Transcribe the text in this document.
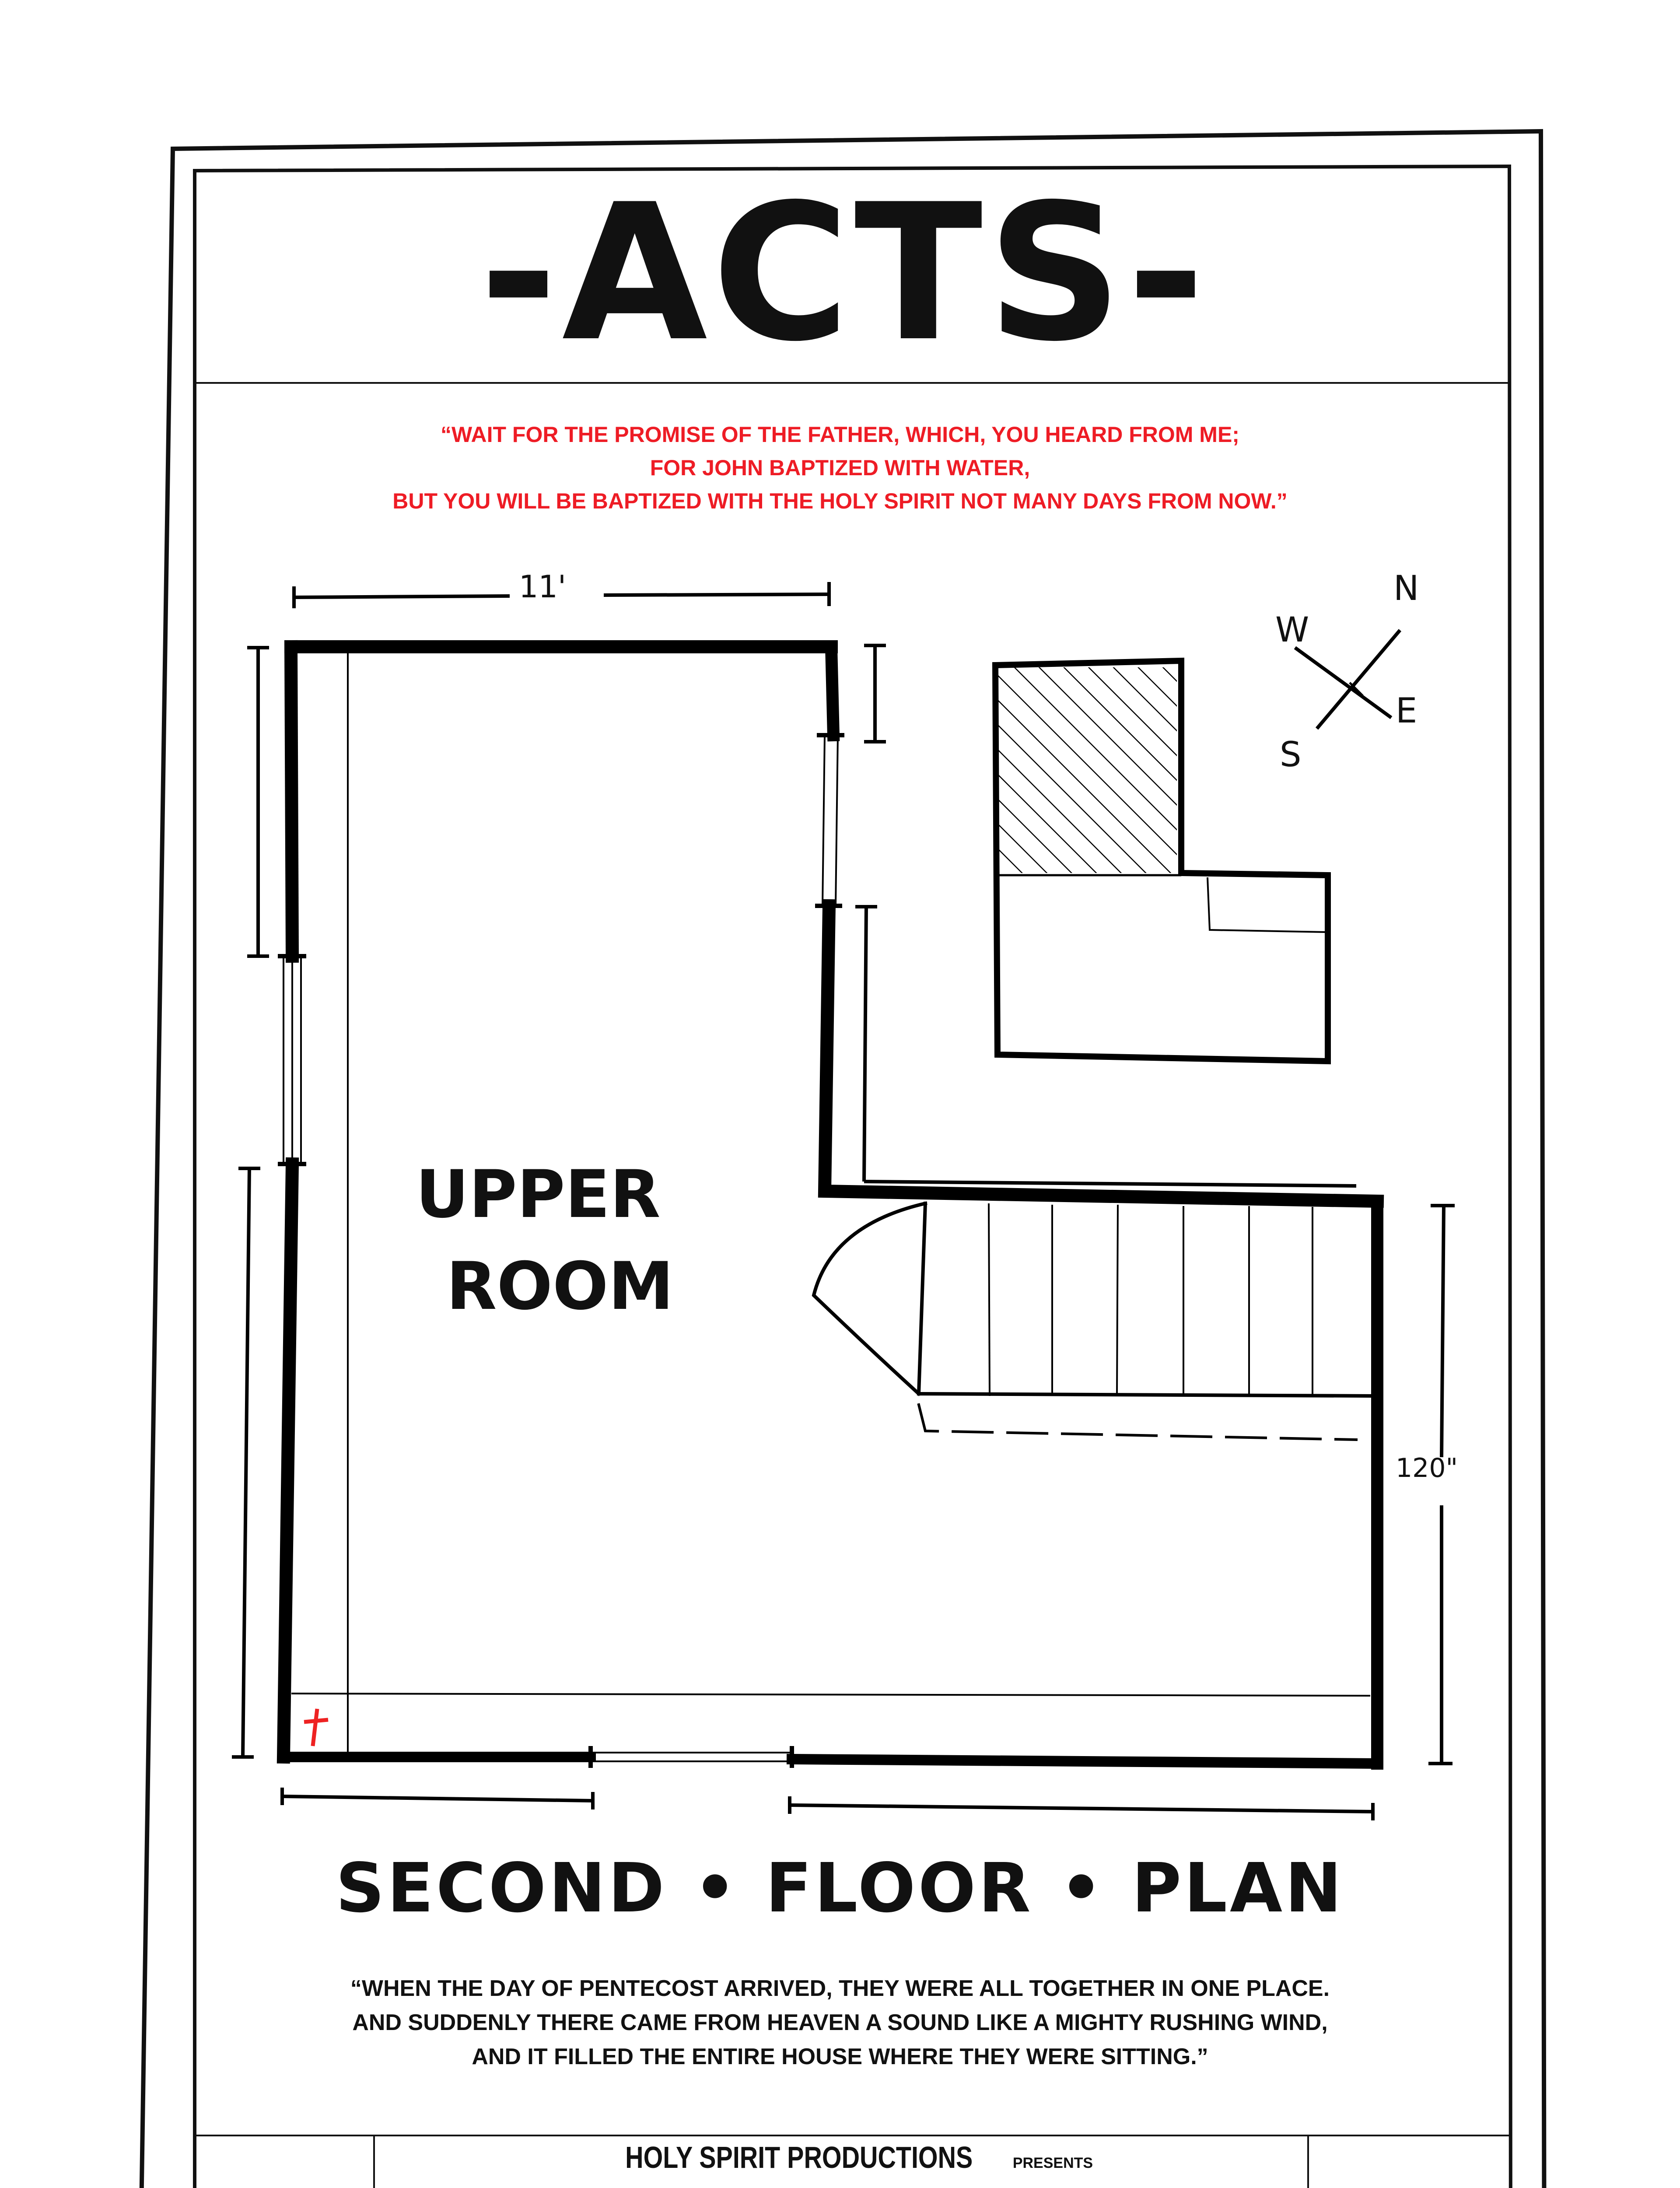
-ACTS-
“WAIT FOR THE PROMISE OF THE FATHER, WHICH, YOU HEARD FROM ME;
FOR JOHN BAPTIZED WITH WATER,
BUT YOU WILL BE BAPTIZED WITH THE HOLY SPIRIT NOT MANY DAYS FROM NOW.”
11'
120"
W
N
E
S
UPPER
ROOM
SECOND • FLOOR • PLAN
“WHEN THE DAY OF PENTECOST ARRIVED, THEY WERE ALL TOGETHER IN ONE PLACE.
AND SUDDENLY THERE CAME FROM HEAVEN A SOUND LIKE A MIGHTY RUSHING WIND,
AND IT FILLED THE ENTIRE HOUSE WHERE THEY WERE SITTING.”
HOLY SPIRIT PRODUCTIONS	PRESENTS
